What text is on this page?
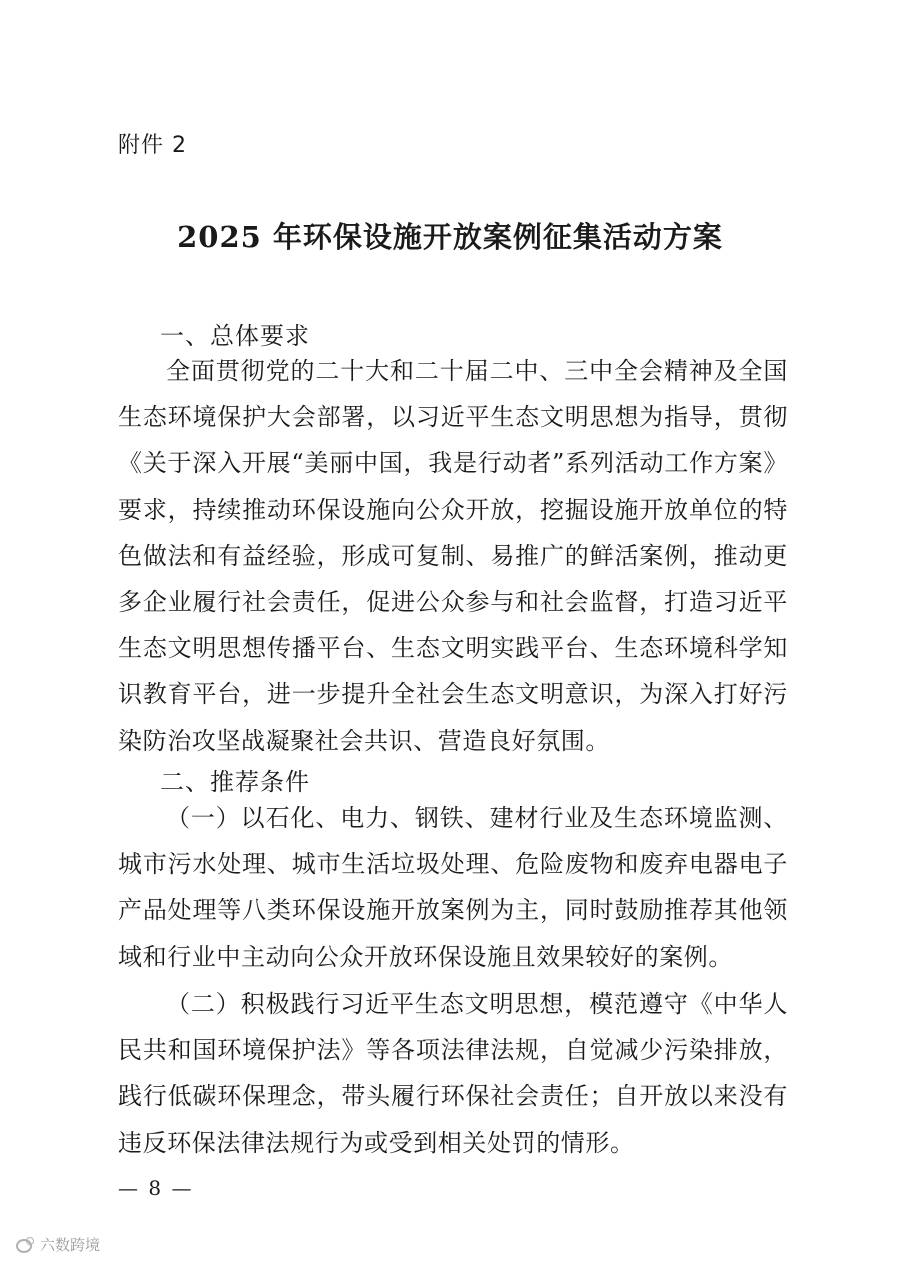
附件 2
2025 年环保设施开放案例征集活动方案
一、总体要求

全面贯彻党的二十大和二十届二中、三中全会精神及全国生态环境保护大会部署，以习近平生态文明思想为指导，贯彻《关于深入开展“美丽中国，我是行动者”系列活动工作方案》要求，持续推动环保设施向公众开放，挖掘设施开放单位的特色做法和有益经验，形成可复制、易推广的鲜活案例，推动更多企业履行社会责任，促进公众参与和社会监督，打造习近平生态文明思想传播平台、生态文明实践平台、生态环境科学知识教育平台，进一步提升全社会生态文明意识，为深入打好污染防治攻坚战凝聚社会共识、营造良好氛围。

二、推荐条件

（一）以石化、电力、钢铁、建材行业及生态环境监测、城市污水处理、城市生活垃圾处理、危险废物和废弃电器电子产品处理等八类环保设施开放案例为主，同时鼓励推荐其他领域和行业中主动向公众开放环保设施且效果较好的案例。

（二）积极践行习近平生态文明思想，模范遵守《中华人民共和国环境保护法》等各项法律法规，自觉减少污染排放，践行低碳环保理念，带头履行环保社会责任；自开放以来没有违反环保法律法规行为或受到相关处罚的情形。

— 8 —
六数跨境
